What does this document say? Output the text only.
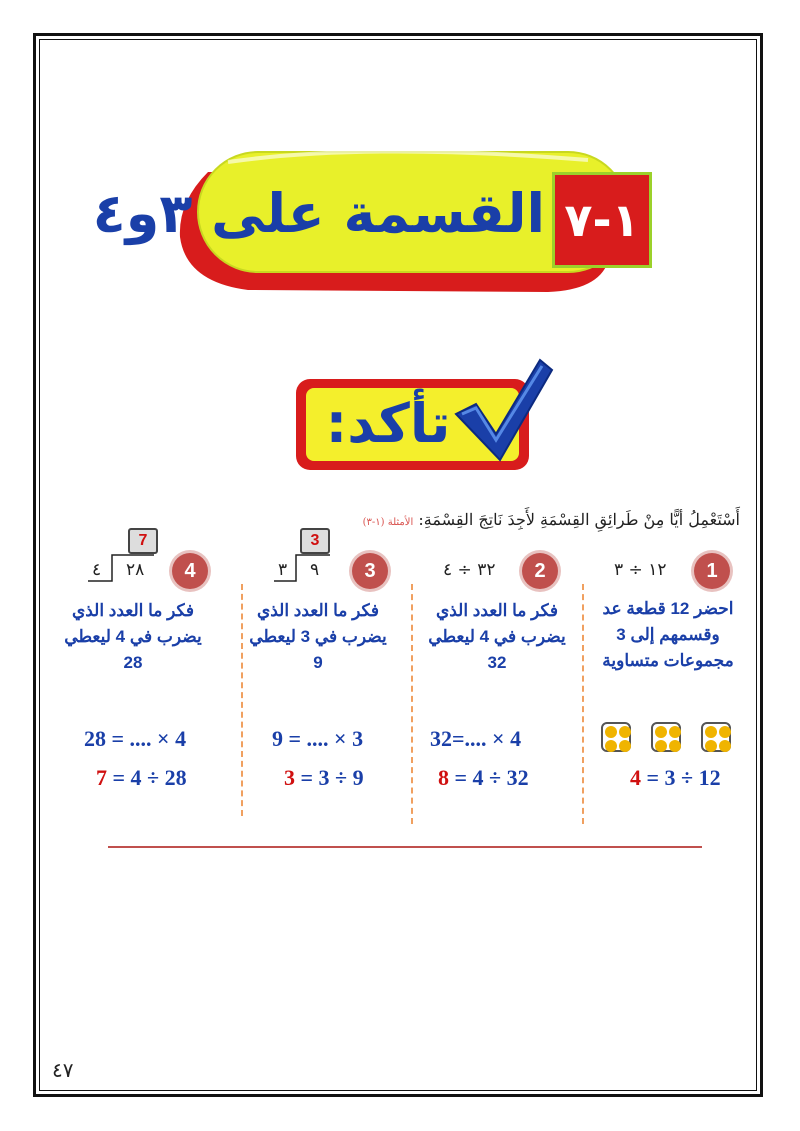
القسمة على ٣و٤ ١-٧
تأكد:
أَسْتَعْمِلُ أيًّا مِنْ طَرائِقِ القِسْمَةِ لأَجِدَ نَاتِجَ القِسْمَةِ: الأمثلة (١-٣)
1
١٢ ÷ ٣
احضر 12 قطعة عد وقسمهم إلى 3 مجموعات متساوية
4 = 3 ÷ 12
2
٣٢ ÷ ٤
فكر ما العدد الذي يضرب في 4 ليعطي 32
32=.... × 4
8 = 4 ÷ 32
3
3
٣ ٩
فكر ما العدد الذي يضرب في 3 ليعطي 9
9 = .... × 3
3 = 3 ÷ 9
4
7
٤ ٢٨
فكر ما العدد الذي يضرب في 4 ليعطي 28
28 = .... × 4
7 = 4 ÷ 28
٤٧
